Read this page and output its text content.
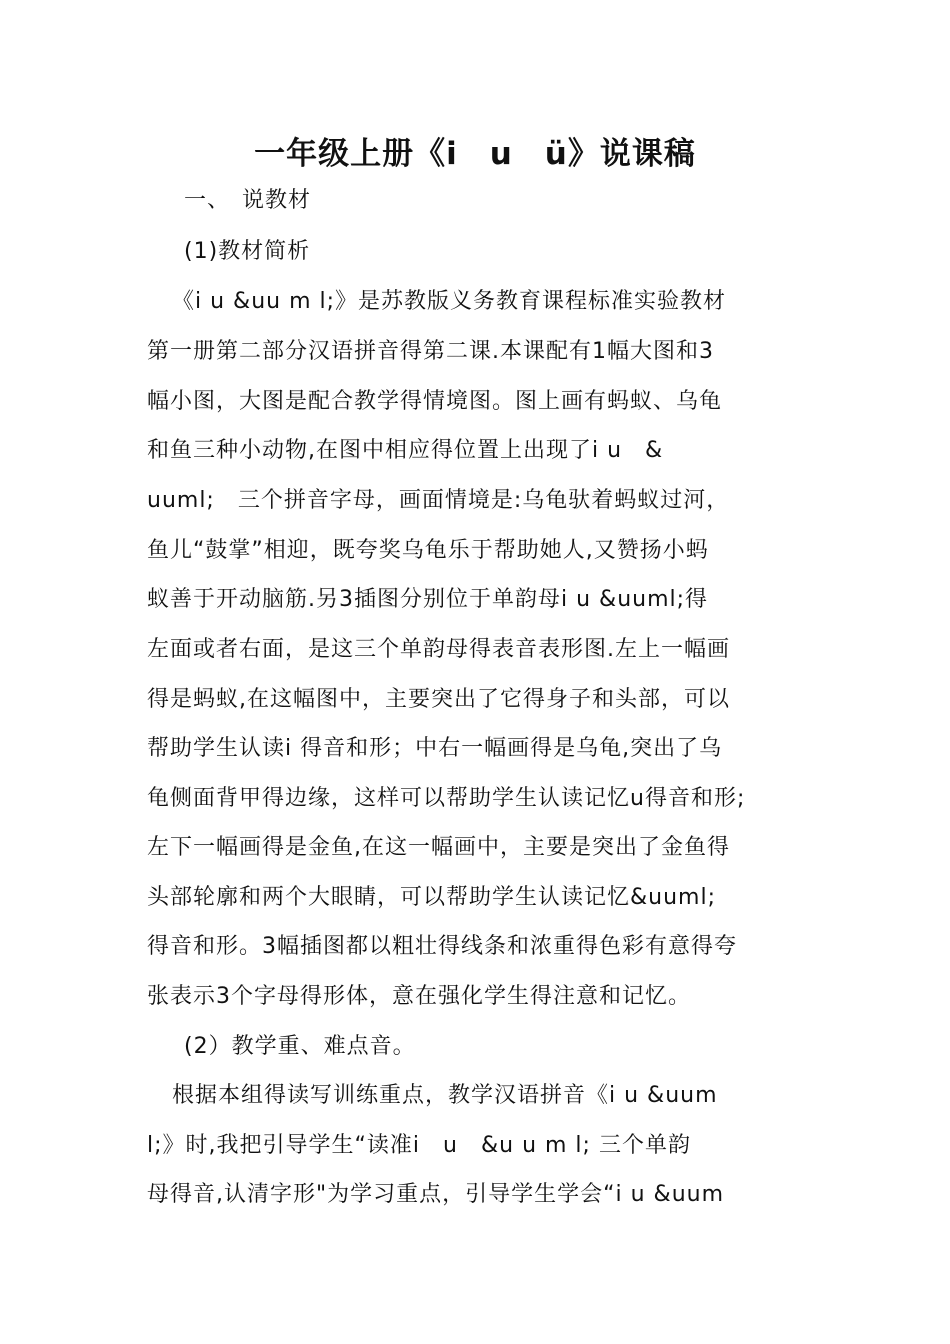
一年级上册《i　u　ü》说课稿
一、　说教材
(1)教材简析
《i u &uu m l;》是苏教版义务教育课程标准实验教材
第一册第二部分汉语拼音得第二课.本课配有1幅大图和3
幅小图，大图是配合教学得情境图。图上画有蚂蚁、乌龟
和鱼三种小动物,在图中相应得位置上出现了i u　&
uuml;　三个拼音字母，画面情境是:乌龟驮着蚂蚁过河，
鱼儿“鼓掌”相迎，既夸奖乌龟乐于帮助她人,又赞扬小蚂
蚁善于开动脑筋.另3插图分别位于单韵母i u &uuml;得
左面或者右面，是这三个单韵母得表音表形图.左上一幅画
得是蚂蚁,在这幅图中，主要突出了它得身子和头部，可以
帮助学生认读i 得音和形；中右一幅画得是乌龟,突出了乌
龟侧面背甲得边缘，这样可以帮助学生认读记忆u得音和形;
左下一幅画得是金鱼,在这一幅画中，主要是突出了金鱼得
头部轮廓和两个大眼睛，可以帮助学生认读记忆&uuml;
得音和形。3幅插图都以粗壮得线条和浓重得色彩有意得夸
张表示3个字母得形体，意在强化学生得注意和记忆。
(2）教学重、难点音。
根据本组得读写训练重点，教学汉语拼音《i u &uum
l;》时,我把引导学生“读准i　u　&u u m l; 三个单韵
母得音,认清字形"为学习重点，引导学生学会“i u &uum
